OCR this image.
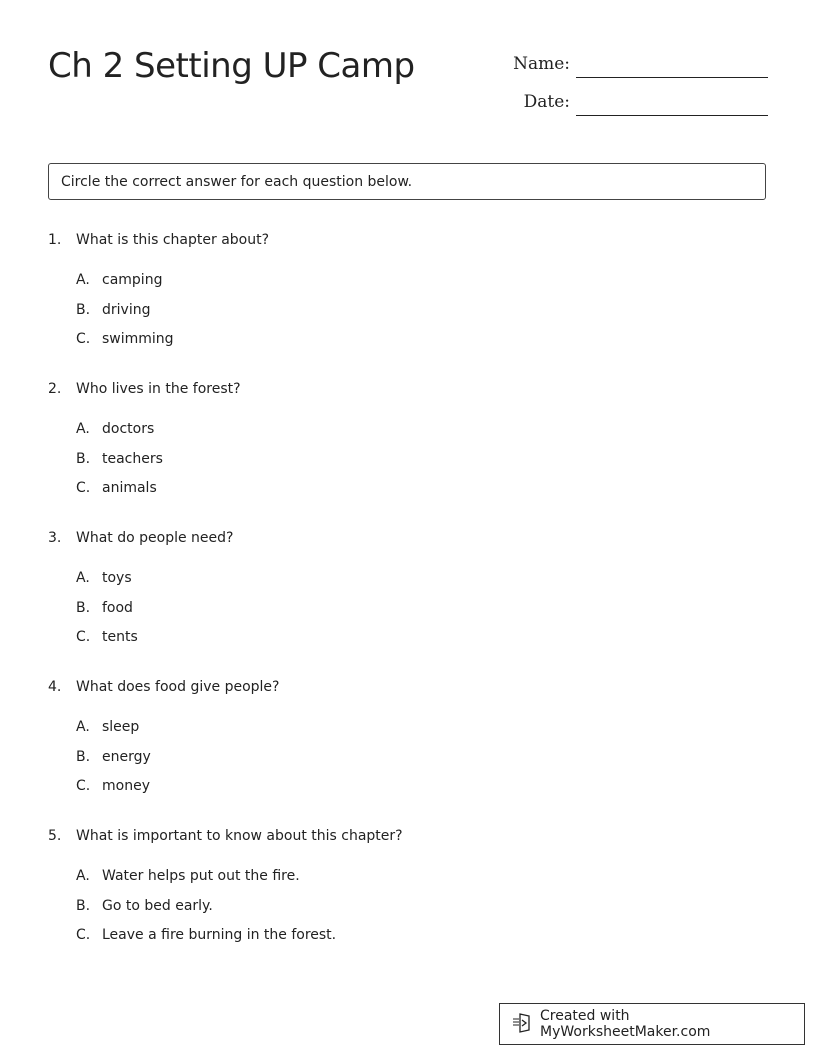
Ch 2 Setting UP Camp	Name:
Date:
Circle the correct answer for each question below.
1. What is this chapter about?
A. camping
B. driving
C. swimming
2. Who lives in the forest?
A. doctors
B. teachers
C. animals
3. What do people need?
A. toys
B. food
C. tents
4. What does food give people?
A. sleep
B. energy
C. money
5. What is important to know about this chapter?
A. Water helps put out the fire.
B. Go to bed early.
C. Leave a fire burning in the forest.
Created with MyWorksheetMaker.com
